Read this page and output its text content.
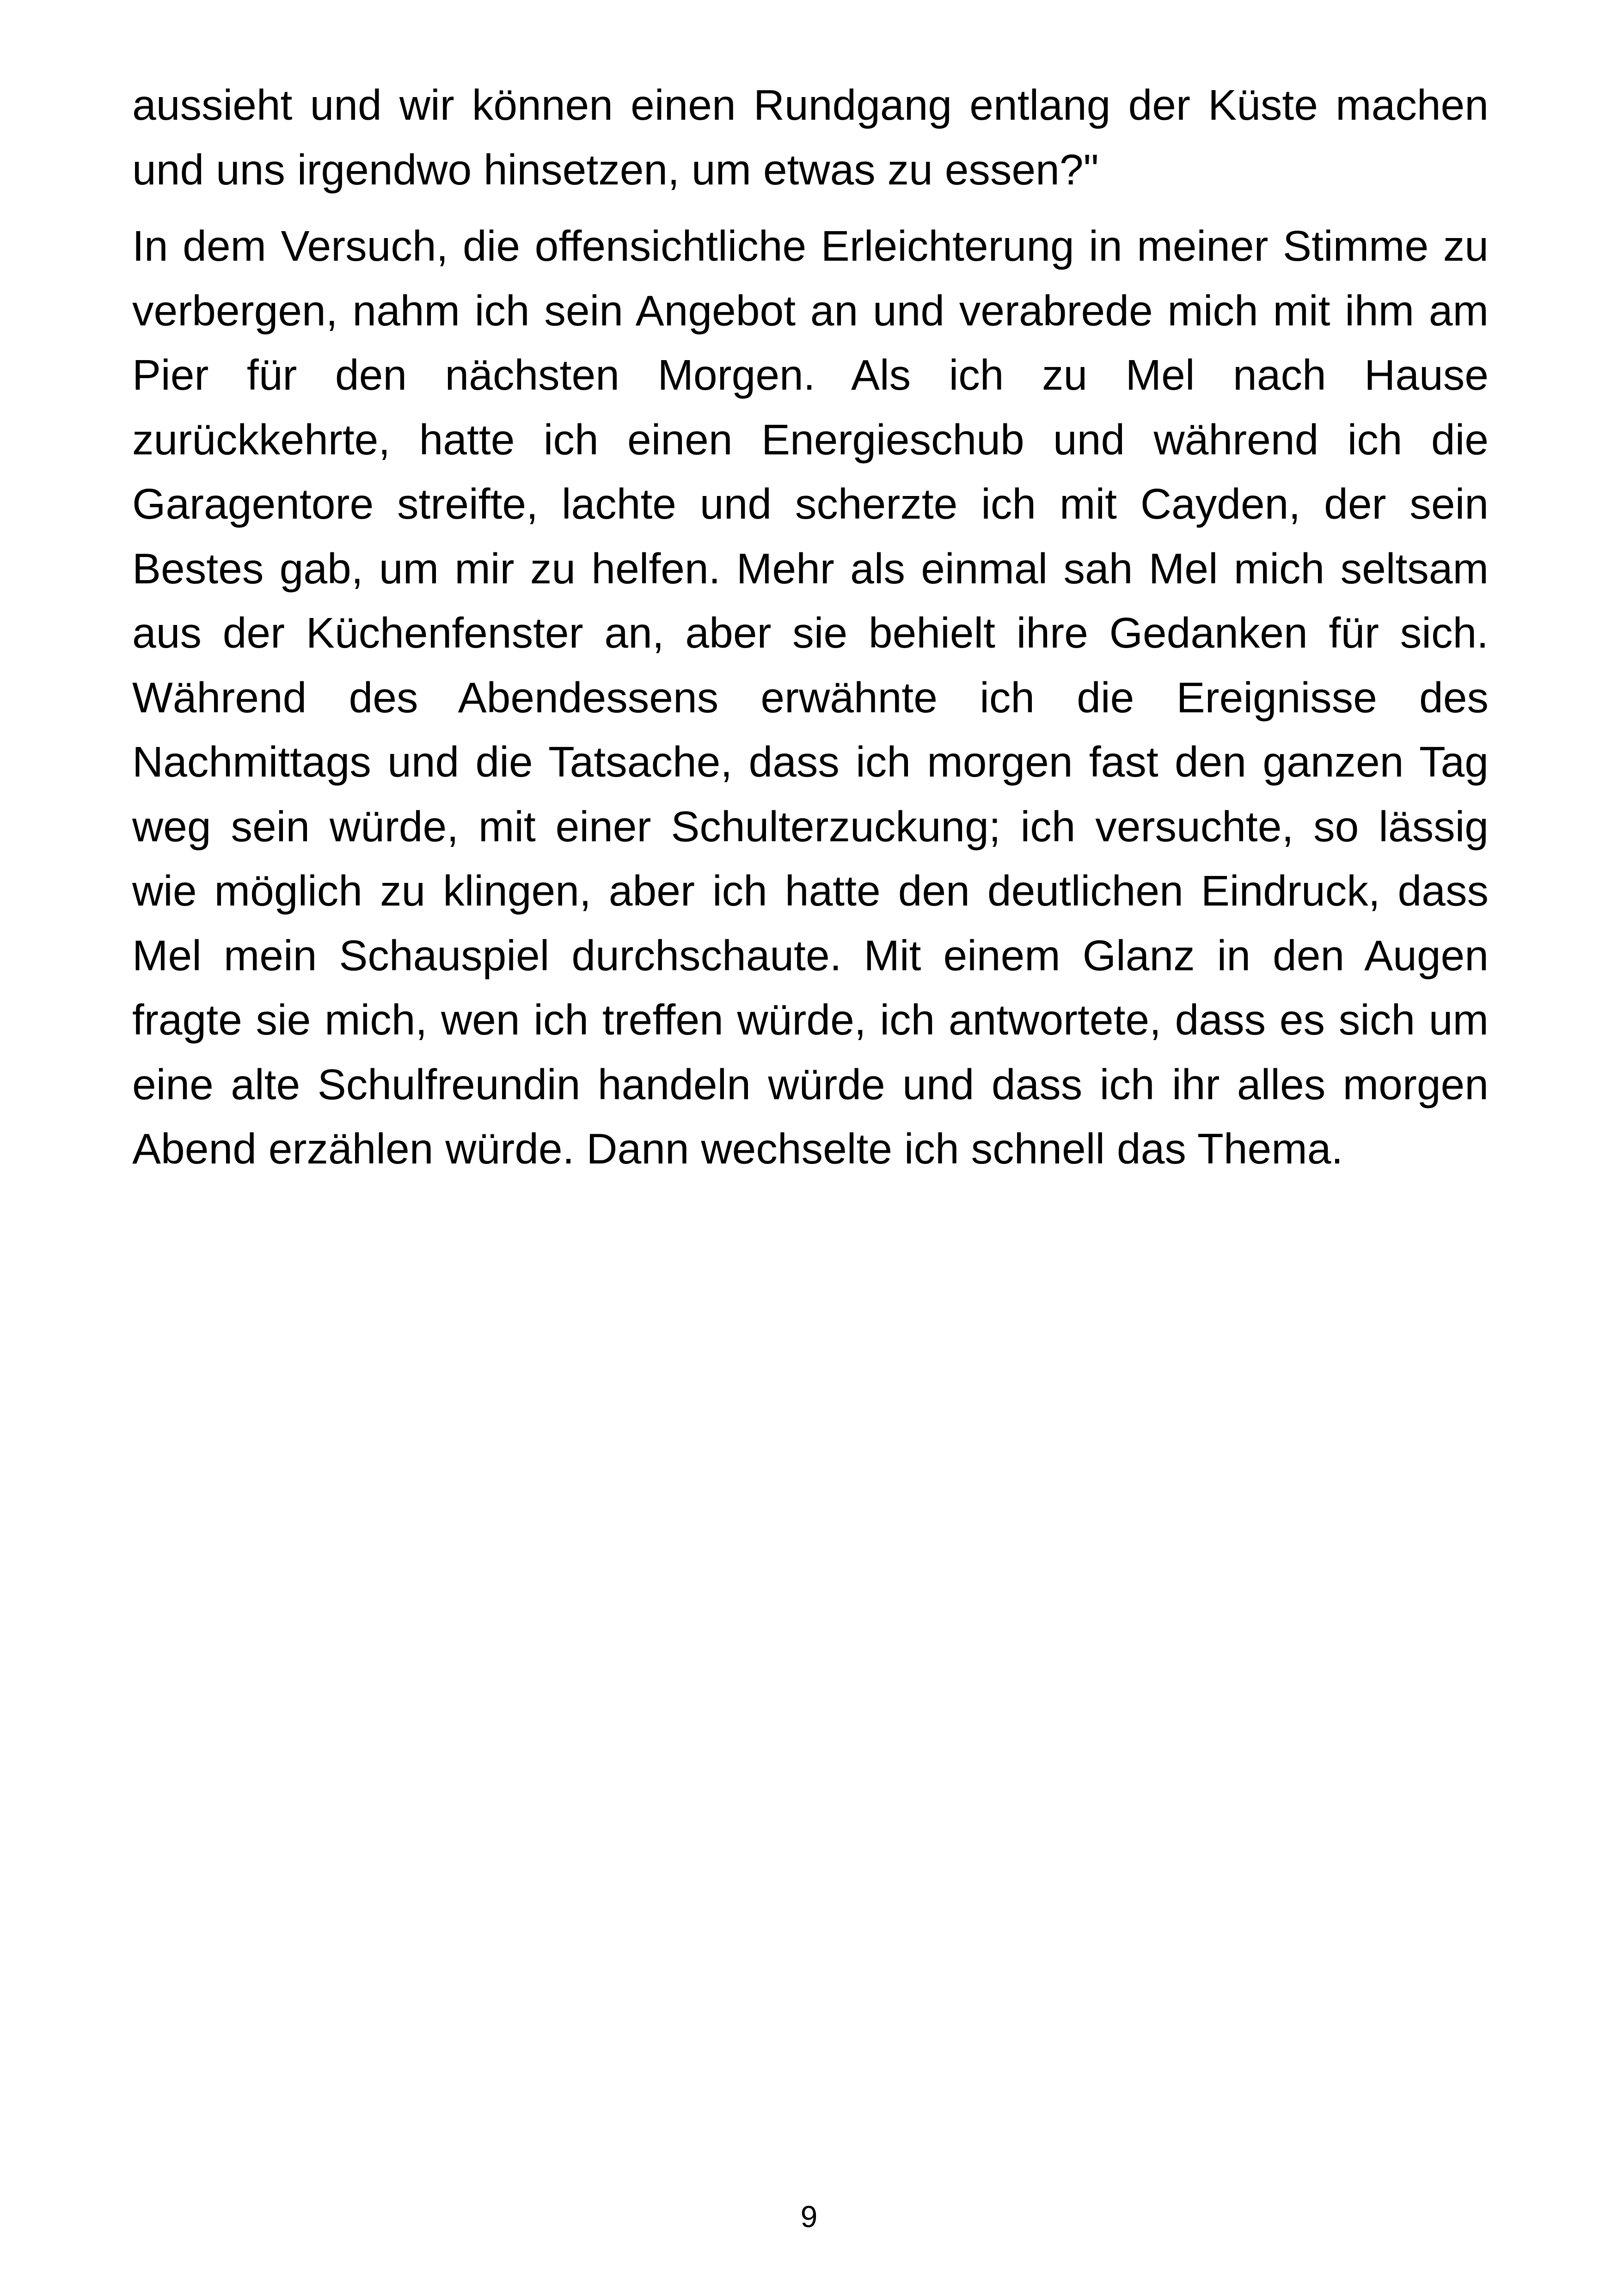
aussieht und wir können einen Rundgang entlang der Küste machen und uns irgendwo hinsetzen, um etwas zu essen?"

In dem Versuch, die offensichtliche Erleichterung in meiner Stimme zu verbergen, nahm ich sein Angebot an und verabrede mich mit ihm am Pier für den nächsten Morgen. Als ich zu Mel nach Hause zurückkehrte, hatte ich einen Energieschub und während ich die Garagentore streifte, lachte und scherzte ich mit Cayden, der sein Bestes gab, um mir zu helfen. Mehr als einmal sah Mel mich seltsam aus der Küchenfenster an, aber sie behielt ihre Gedanken für sich. Während des Abendessens erwähnte ich die Ereignisse des Nachmittags und die Tatsache, dass ich morgen fast den ganzen Tag weg sein würde, mit einer Schulterzuckung; ich versuchte, so lässig wie möglich zu klingen, aber ich hatte den deutlichen Eindruck, dass Mel mein Schauspiel durchschaute. Mit einem Glanz in den Augen fragte sie mich, wen ich treffen würde, ich antwortete, dass es sich um eine alte Schulfreundin handeln würde und dass ich ihr alles morgen Abend erzählen würde. Dann wechselte ich schnell das Thema.

9
